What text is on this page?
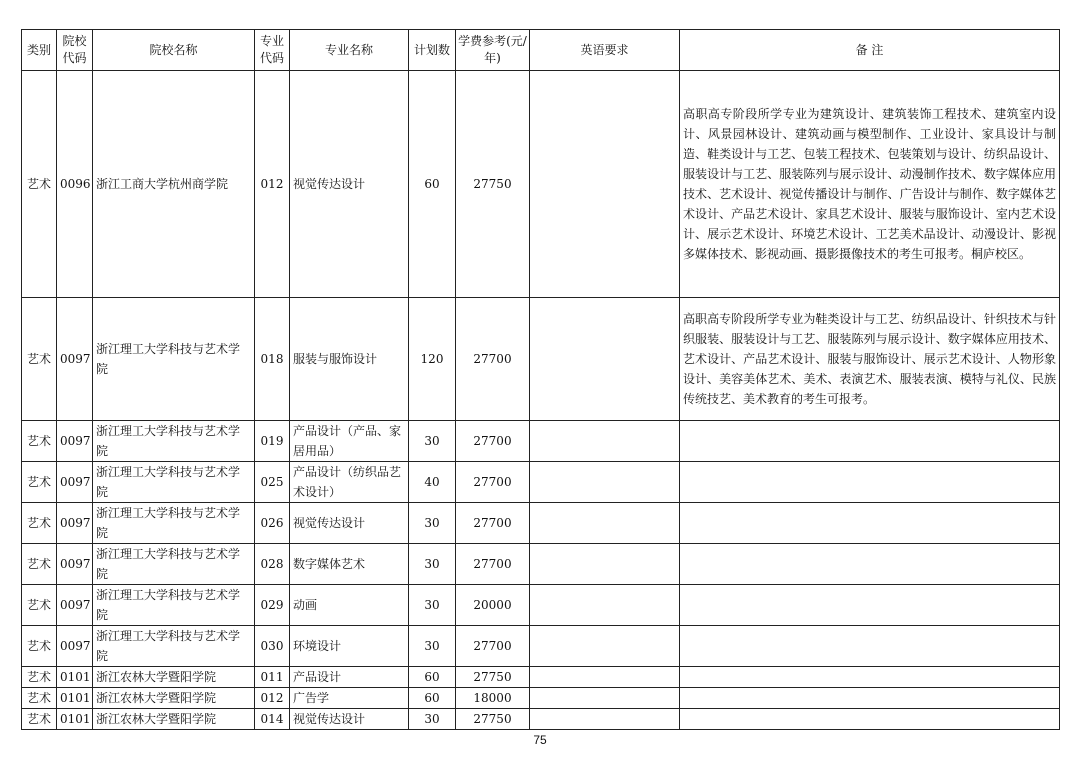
类别	院校代码	院校名称	专业代码	专业名称	计划数	学费参考(元/年)	英语要求	备 注
艺术	0096	浙江工商大学杭州商学院	012	视觉传达设计	60	27750		高职高专阶段所学专业为建筑设计、建筑装饰工程技术、建筑室内设计、风景园林设计、建筑动画与模型制作、工业设计、家具设计与制造、鞋类设计与工艺、包装工程技术、包装策划与设计、纺织品设计、服装设计与工艺、服装陈列与展示设计、动漫制作技术、数字媒体应用技术、艺术设计、视觉传播设计与制作、广告设计与制作、数字媒体艺术设计、产品艺术设计、家具艺术设计、服装与服饰设计、室内艺术设计、展示艺术设计、环境艺术设计、工艺美术品设计、动漫设计、影视多媒体技术、影视动画、摄影摄像技术的考生可报考。桐庐校区。
艺术	0097	浙江理工大学科技与艺术学院	018	服装与服饰设计	120	27700		高职高专阶段所学专业为鞋类设计与工艺、纺织品设计、针织技术与针织服装、服装设计与工艺、服装陈列与展示设计、数字媒体应用技术、艺术设计、产品艺术设计、服装与服饰设计、展示艺术设计、人物形象设计、美容美体艺术、美术、表演艺术、服装表演、模特与礼仪、民族传统技艺、美术教育的考生可报考。
艺术	0097	浙江理工大学科技与艺术学院	019	产品设计（产品、家居用品）	30	27700		
艺术	0097	浙江理工大学科技与艺术学院	025	产品设计（纺织品艺术设计）	40	27700		
艺术	0097	浙江理工大学科技与艺术学院	026	视觉传达设计	30	27700		
艺术	0097	浙江理工大学科技与艺术学院	028	数字媒体艺术	30	27700		
艺术	0097	浙江理工大学科技与艺术学院	029	动画	30	20000		
艺术	0097	浙江理工大学科技与艺术学院	030	环境设计	30	27700		
艺术	0101	浙江农林大学暨阳学院	011	产品设计	60	27750		
艺术	0101	浙江农林大学暨阳学院	012	广告学	60	18000		
艺术	0101	浙江农林大学暨阳学院	014	视觉传达设计	30	27750		
75
